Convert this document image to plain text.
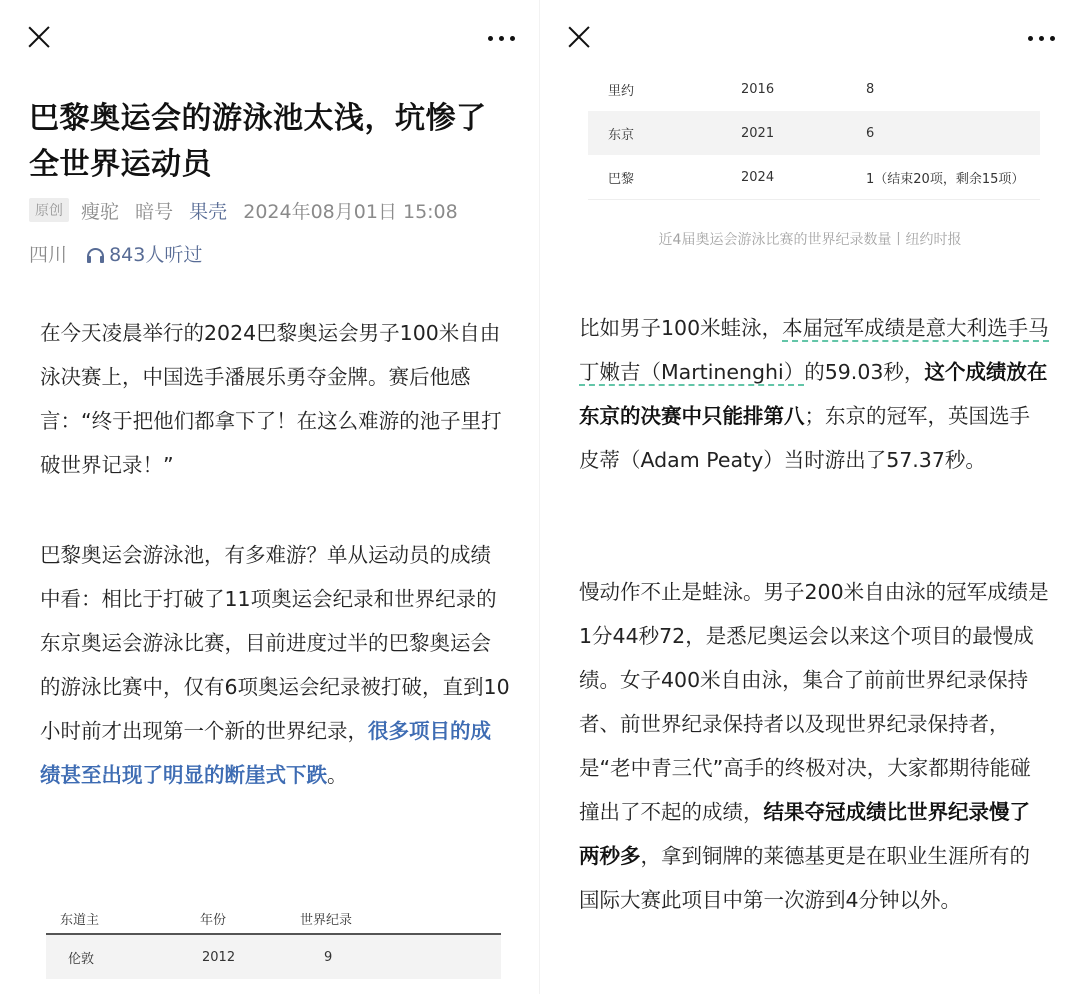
巴黎奥运会的游泳池太浅，坑惨了全世界运动员
原创 瘦驼 暗号 果壳 2024年08月01日 15:08
四川 843人听过

在今天凌晨举行的2024巴黎奥运会男子100米自由泳决赛上，中国选手潘展乐勇夺金牌。赛后他感言：“终于把他们都拿下了！在这么难游的池子里打破世界记录！”

巴黎奥运会游泳池，有多难游？单从运动员的成绩中看：相比于打破了11项奥运会纪录和世界纪录的东京奥运会游泳比赛，目前进度过半的巴黎奥运会的游泳比赛中，仅有6项奥运会纪录被打破，直到10小时前才出现第一个新的世界纪录，很多项目的成绩甚至出现了明显的断崖式下跌。

东道主	年份	世界纪录
伦敦	2012	9
里约	2016	8
东京	2021	6
巴黎	2024	1（结束20项，剩余15项）
近4届奥运会游泳比赛的世界纪录数量丨纽约时报

比如男子100米蛙泳，本届冠军成绩是意大利选手马丁嫩吉（Martinenghi）的59.03秒，这个成绩放在东京的决赛中只能排第八；东京的冠军，英国选手皮蒂（Adam Peaty）当时游出了57.37秒。

慢动作不止是蛙泳。男子200米自由泳的冠军成绩是1分44秒72，是悉尼奥运会以来这个项目的最慢成绩。女子400米自由泳，集合了前前世界纪录保持者、前世界纪录保持者以及现世界纪录保持者，是“老中青三代”高手的终极对决，大家都期待能碰撞出了不起的成绩，结果夺冠成绩比世界纪录慢了两秒多，拿到铜牌的莱德基更是在职业生涯所有的国际大赛此项目中第一次游到4分钟以外。
